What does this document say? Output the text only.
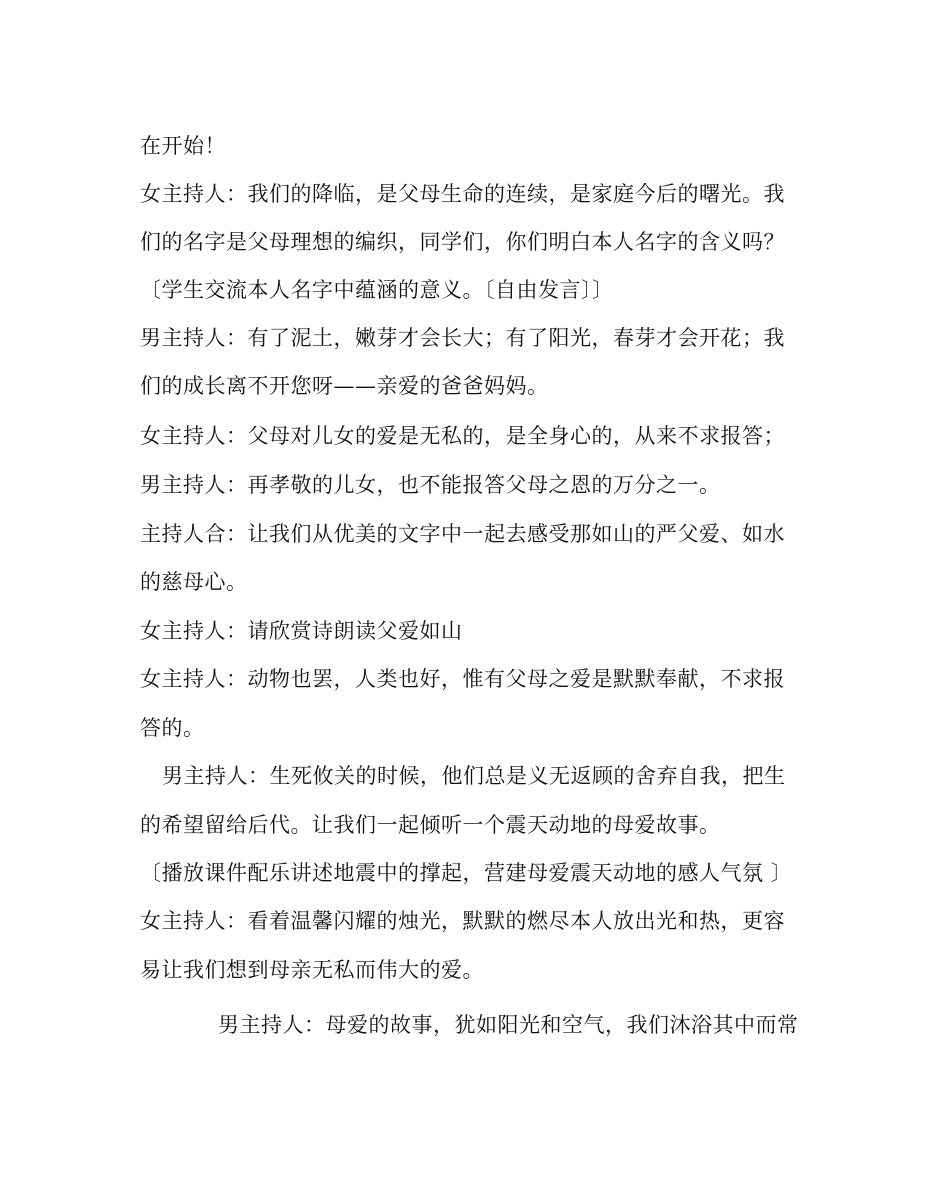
在开始！
女主持人：我们的降临，是父母生命的连续，是家庭今后的曙光。我
们的名字是父母理想的编织，同学们，你们明白本人名字的含义吗？
〔学生交流本人名字中蕴涵的意义。〔自由发言〕〕
男主持人：有了泥土，嫩芽才会长大；有了阳光，春芽才会开花；我
们的成长离不开您呀——亲爱的爸爸妈妈。
女主持人：父母对儿女的爱是无私的，是全身心的，从来不求报答；
男主持人：再孝敬的儿女，也不能报答父母之恩的万分之一。
主持人合：让我们从优美的文字中一起去感受那如山的严父爱、如水
的慈母心。
女主持人：请欣赏诗朗读父爱如山
女主持人：动物也罢，人类也好，惟有父母之爱是默默奉献，不求报
答的。
男主持人：生死攸关的时候，他们总是义无返顾的舍弃自我，把生
的希望留给后代。让我们一起倾听一个震天动地的母爱故事。
〔播放课件配乐讲述地震中的撑起，营建母爱震天动地的感人气氛 〕
女主持人：看着温馨闪耀的烛光，默默的燃尽本人放出光和热，更容
易让我们想到母亲无私而伟大的爱。
男主持人：母爱的故事，犹如阳光和空气，我们沐浴其中而常
